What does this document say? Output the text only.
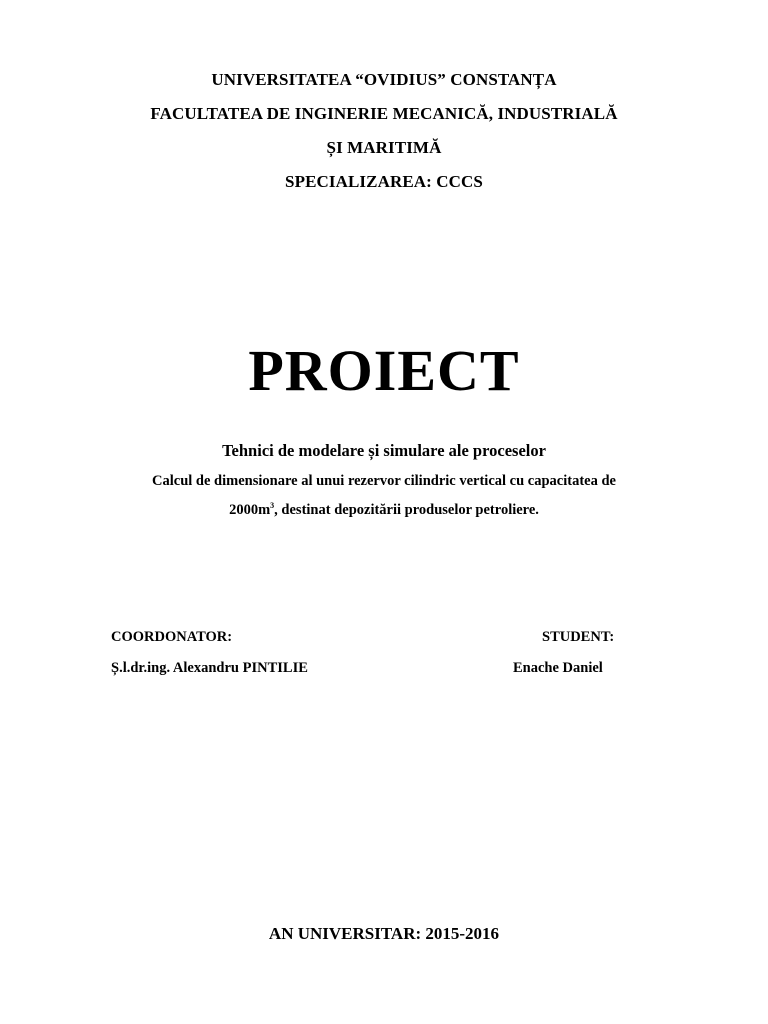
UNIVERSITATEA “OVIDIUS” CONSTANȚA
FACULTATEA DE INGINERIE MECANICĂ, INDUSTRIALĂ
ȘI MARITIMĂ
SPECIALIZAREA: CCCS
PROIECT
Tehnici de modelare și simulare ale proceselor
Calcul de dimensionare al unui rezervor cilindric vertical cu capacitatea de
$2000m^3$, destinat depozitării produselor petroliere.
COORDONATOR:
Ș.l.dr.ing. Alexandru PINTILIE
STUDENT:
Enache Daniel
AN UNIVERSITAR: 2015-2016
